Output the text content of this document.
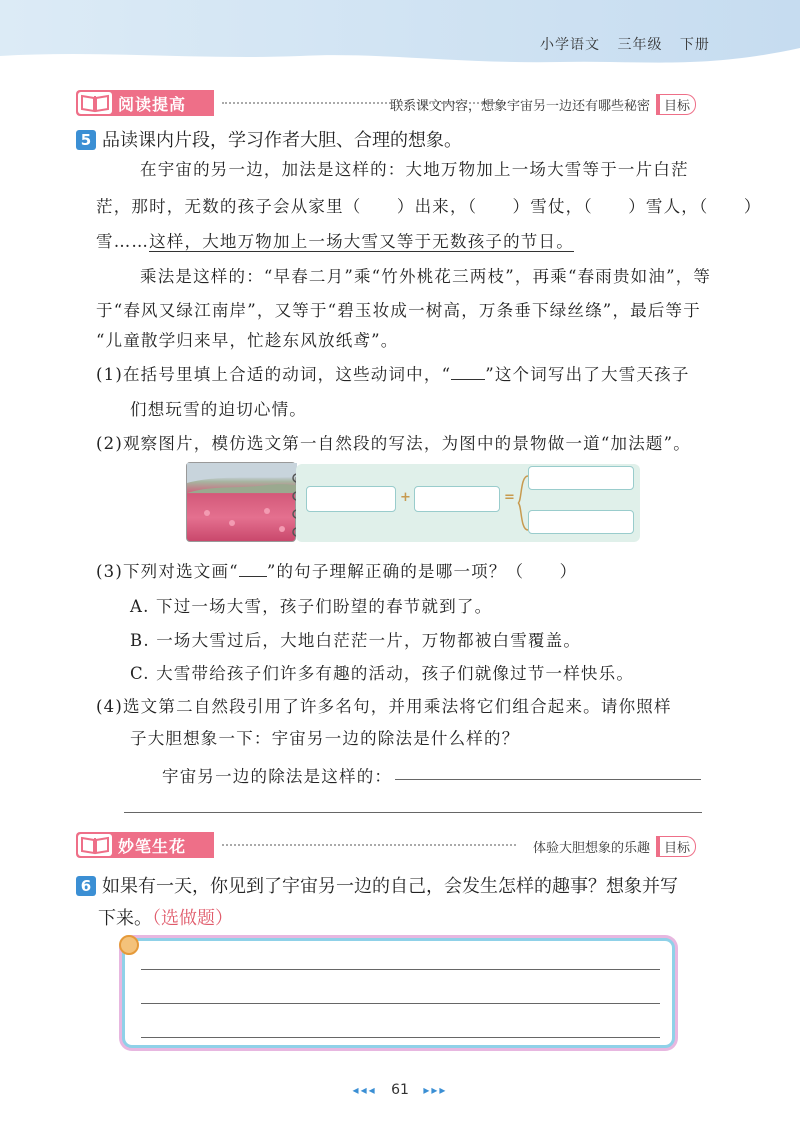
小学语文 三年级 下册
阅读提高	联系课文内容，想象宇宙另一边还有哪些秘密	目标
5 品读课内片段，学习作者大胆、合理的想象。
在宇宙的另一边，加法是这样的：大地万物加上一场大雪等于一片白茫
茫，那时，无数的孩子会从家里（　　）出来，（　　）雪仗，（　　）雪人，（　　）
雪……这样，大地万物加上一场大雪又等于无数孩子的节日。
乘法是这样的：“早春二月”乘“竹外桃花三两枝”，再乘“春雨贵如油”，等
于“春风又绿江南岸”，又等于“碧玉妆成一树高，万条垂下绿丝绦”，最后等于
“儿童散学归来早，忙趁东风放纸鸢”。
(1)在括号里填上合适的动词，这些动词中，“ ”这个词写出了大雪天孩子
们想玩雪的迫切心情。
(2)观察图片，模仿选文第一自然段的写法，为图中的景物做一道“加法题”。
+	=
(3)下列对选文画“ ”的句子理解正确的是哪一项？（　　）
A. 下过一场大雪，孩子们盼望的春节就到了。
B. 一场大雪过后，大地白茫茫一片，万物都被白雪覆盖。
C. 大雪带给孩子们许多有趣的活动，孩子们就像过节一样快乐。
(4)选文第二自然段引用了许多名句，并用乘法将它们组合起来。请你照样
子大胆想象一下：宇宙另一边的除法是什么样的？
宇宙另一边的除法是这样的：
妙笔生花	体验大胆想象的乐趣	目标
6 如果有一天，你见到了宇宙另一边的自己，会发生怎样的趣事？想象并写
下来。（选做题）
◂◂◂ 61 ▸▸▸
